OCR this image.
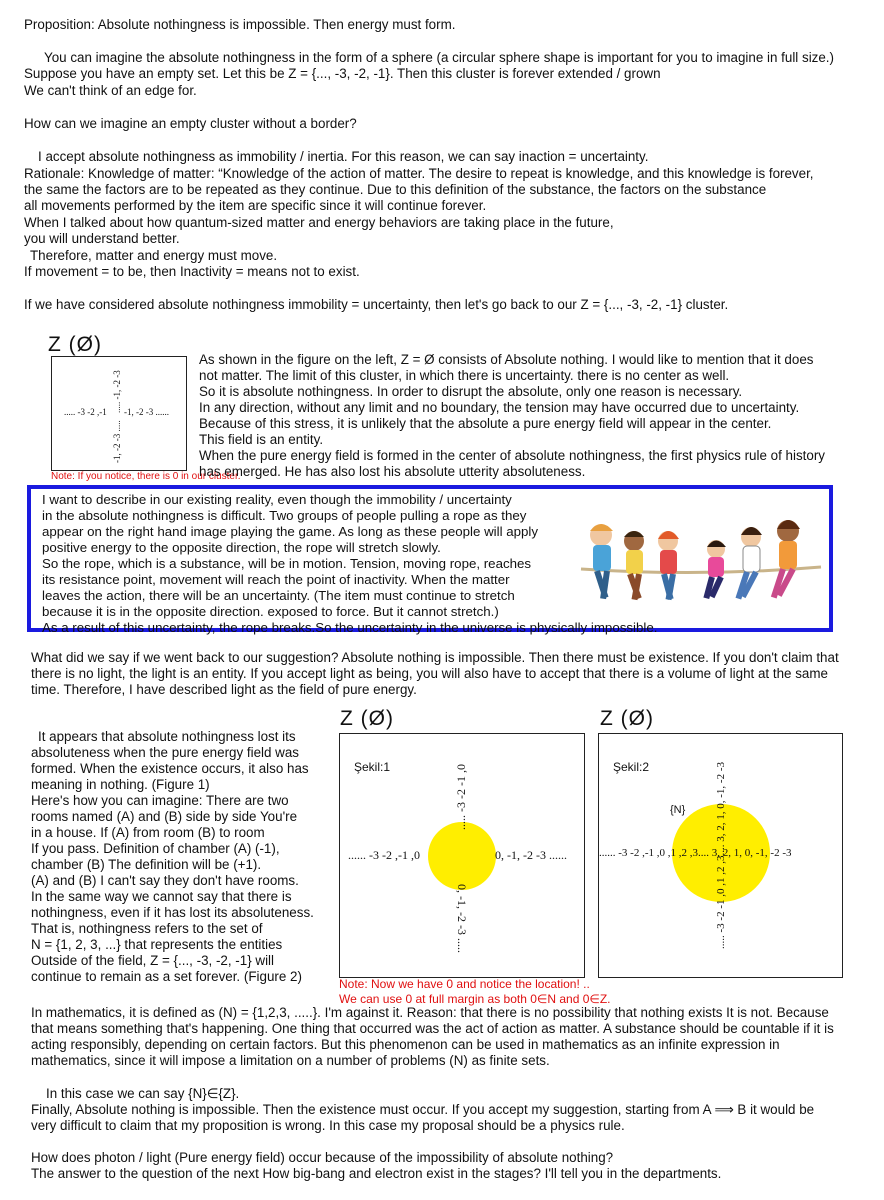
Proposition: Absolute nothingness is impossible. Then energy must form.
You can imagine the absolute nothingness in the form of a sphere (a circular sphere shape is important for you to imagine in full size.)
Suppose you have an empty set. Let this be Z = {..., -3, -2, -1}. Then this cluster is forever extended / grown
We can't think of an edge for.
How can we imagine an empty cluster without a border?
I accept absolute nothingness as immobility / inertia. For this reason, we can say inaction = uncertainty.
Rationale: Knowledge of matter: “Knowledge of the action of matter. The desire to repeat is knowledge, and this knowledge is forever,
the same the factors are to be repeated as they continue. Due to this definition of the substance, the factors on the substance
all movements performed by the item are specific since it will continue forever.
When I talked about how quantum-sized matter and energy behaviors are taking place in the future,
you will understand better.
Therefore, matter and energy must move.
If movement = to be, then Inactivity = means not to exist.
If we have considered absolute nothingness immobility = uncertainty, then let's go back to our Z = {..., -3, -2, -1} cluster.
Z (Ø)
..... -1, -2 -3
-1, -2 -3 .....
..... -3 -2 ,-1 -1, -2 -3 ......
Note: If you notice, there is 0 in our cluster.
As shown in the figure on the left, Z = Ø consists of Absolute nothing. I would like to mention that it does
not matter. The limit of this cluster, in which there is uncertainty. there is no center as well.
So it is absolute nothingness. In order to disrupt the absolute, only one reason is necessary.
In any direction, without any limit and no boundary, the tension may have occurred due to uncertainty.
Because of this stress, it is unlikely that the absolute a pure energy field will appear in the center.
This field is an entity.
When the pure energy field is formed in the center of absolute nothingness, the first physics rule of history
has emerged. He has also lost his absolute utterity absoluteness.
I want to describe in our existing reality, even though the immobility / uncertainty
in the absolute nothingness is difficult. Two groups of people pulling a rope as they
appear on the right hand image playing the game. As long as these people will apply
positive energy to the opposite direction, the rope will stretch slowly.
So the rope, which is a substance, will be in motion. Tension, moving rope, reaches
its resistance point, movement will reach the point of inactivity. When the matter
leaves the action, there will be an uncertainty. (The item must continue to stretch
because it is in the opposite direction. exposed to force. But it cannot stretch.)
As a result of this uncertainty, the rope breaks.So the uncertainty in the universe is physically impossible.
What did we say if we went back to our suggestion? Absolute nothing is impossible. Then there must be existence. If you don't claim that
there is no light, the light is an entity. If you accept light as being, you will also have to accept that there is a volume of light at the same
time. Therefore, I have described light as the field of pure energy.
It appears that absolute nothingness lost its
absoluteness when the pure energy field was
formed. When the existence occurs, it also has
meaning in nothing. (Figure 1)
Here's how you can imagine: There are two
rooms named (A) and (B) side by side You're
in a house. If (A) from room (B) to room
If you pass. Definition of chamber (A) (-1),
chamber (B) The definition will be (+1).
(A) and (B) I can't say they don't have rooms.
In the same way we cannot say that there is
nothingness, even if it has lost its absoluteness.
That is, nothingness refers to the set of
N = {1, 2, 3, ...} that represents the entities
Outside of the field, Z = {..., -3, -2, -1} will
continue to remain as a set forever. (Figure 2)
Z (Ø)
Şekil:1	..... -3 -2 -1 ,0
0, -1, -2 -3 .....
...... -3 -2 ,-1 ,0	0, -1, -2 -3 ......
Z (Ø)
Şekil:2
{N}	..... -3 -2 -1 ,0 ,1 ,2 ,3.... 3, 2, 1, 0, -1, -2 -3
...... -3 -2 ,-1 ,0 ,1 ,2 ,3.... 3, 2, 1, 0, -1, -2 -3
Note: Now we have 0 and notice the location! ..
We can use 0 at full margin as both 0∈N and 0∈Z.
In mathematics, it is defined as (N) = {1,2,3, .....}. I'm against it. Reason: that there is no possibility that nothing exists It is not. Because
that means something that's happening. One thing that occurred was the act of action as matter. A substance should be countable if it is
acting responsibly, depending on certain factors. But this phenomenon can be used in mathematics as an infinite expression in
mathematics, since it will impose a limitation on a number of problems (N) as finite sets.
In this case we can say {N}∈{Z}.
Finally, Absolute nothing is impossible. Then the existence must occur. If you accept my suggestion, starting from A ⟹ B it would be
very difficult to claim that my proposition is wrong. In this case my proposal should be a physics rule.
How does photon / light (Pure energy field) occur because of the impossibility of absolute nothing?
The answer to the question of the next How big-bang and electron exist in the stages? I'll tell you in the departments.
